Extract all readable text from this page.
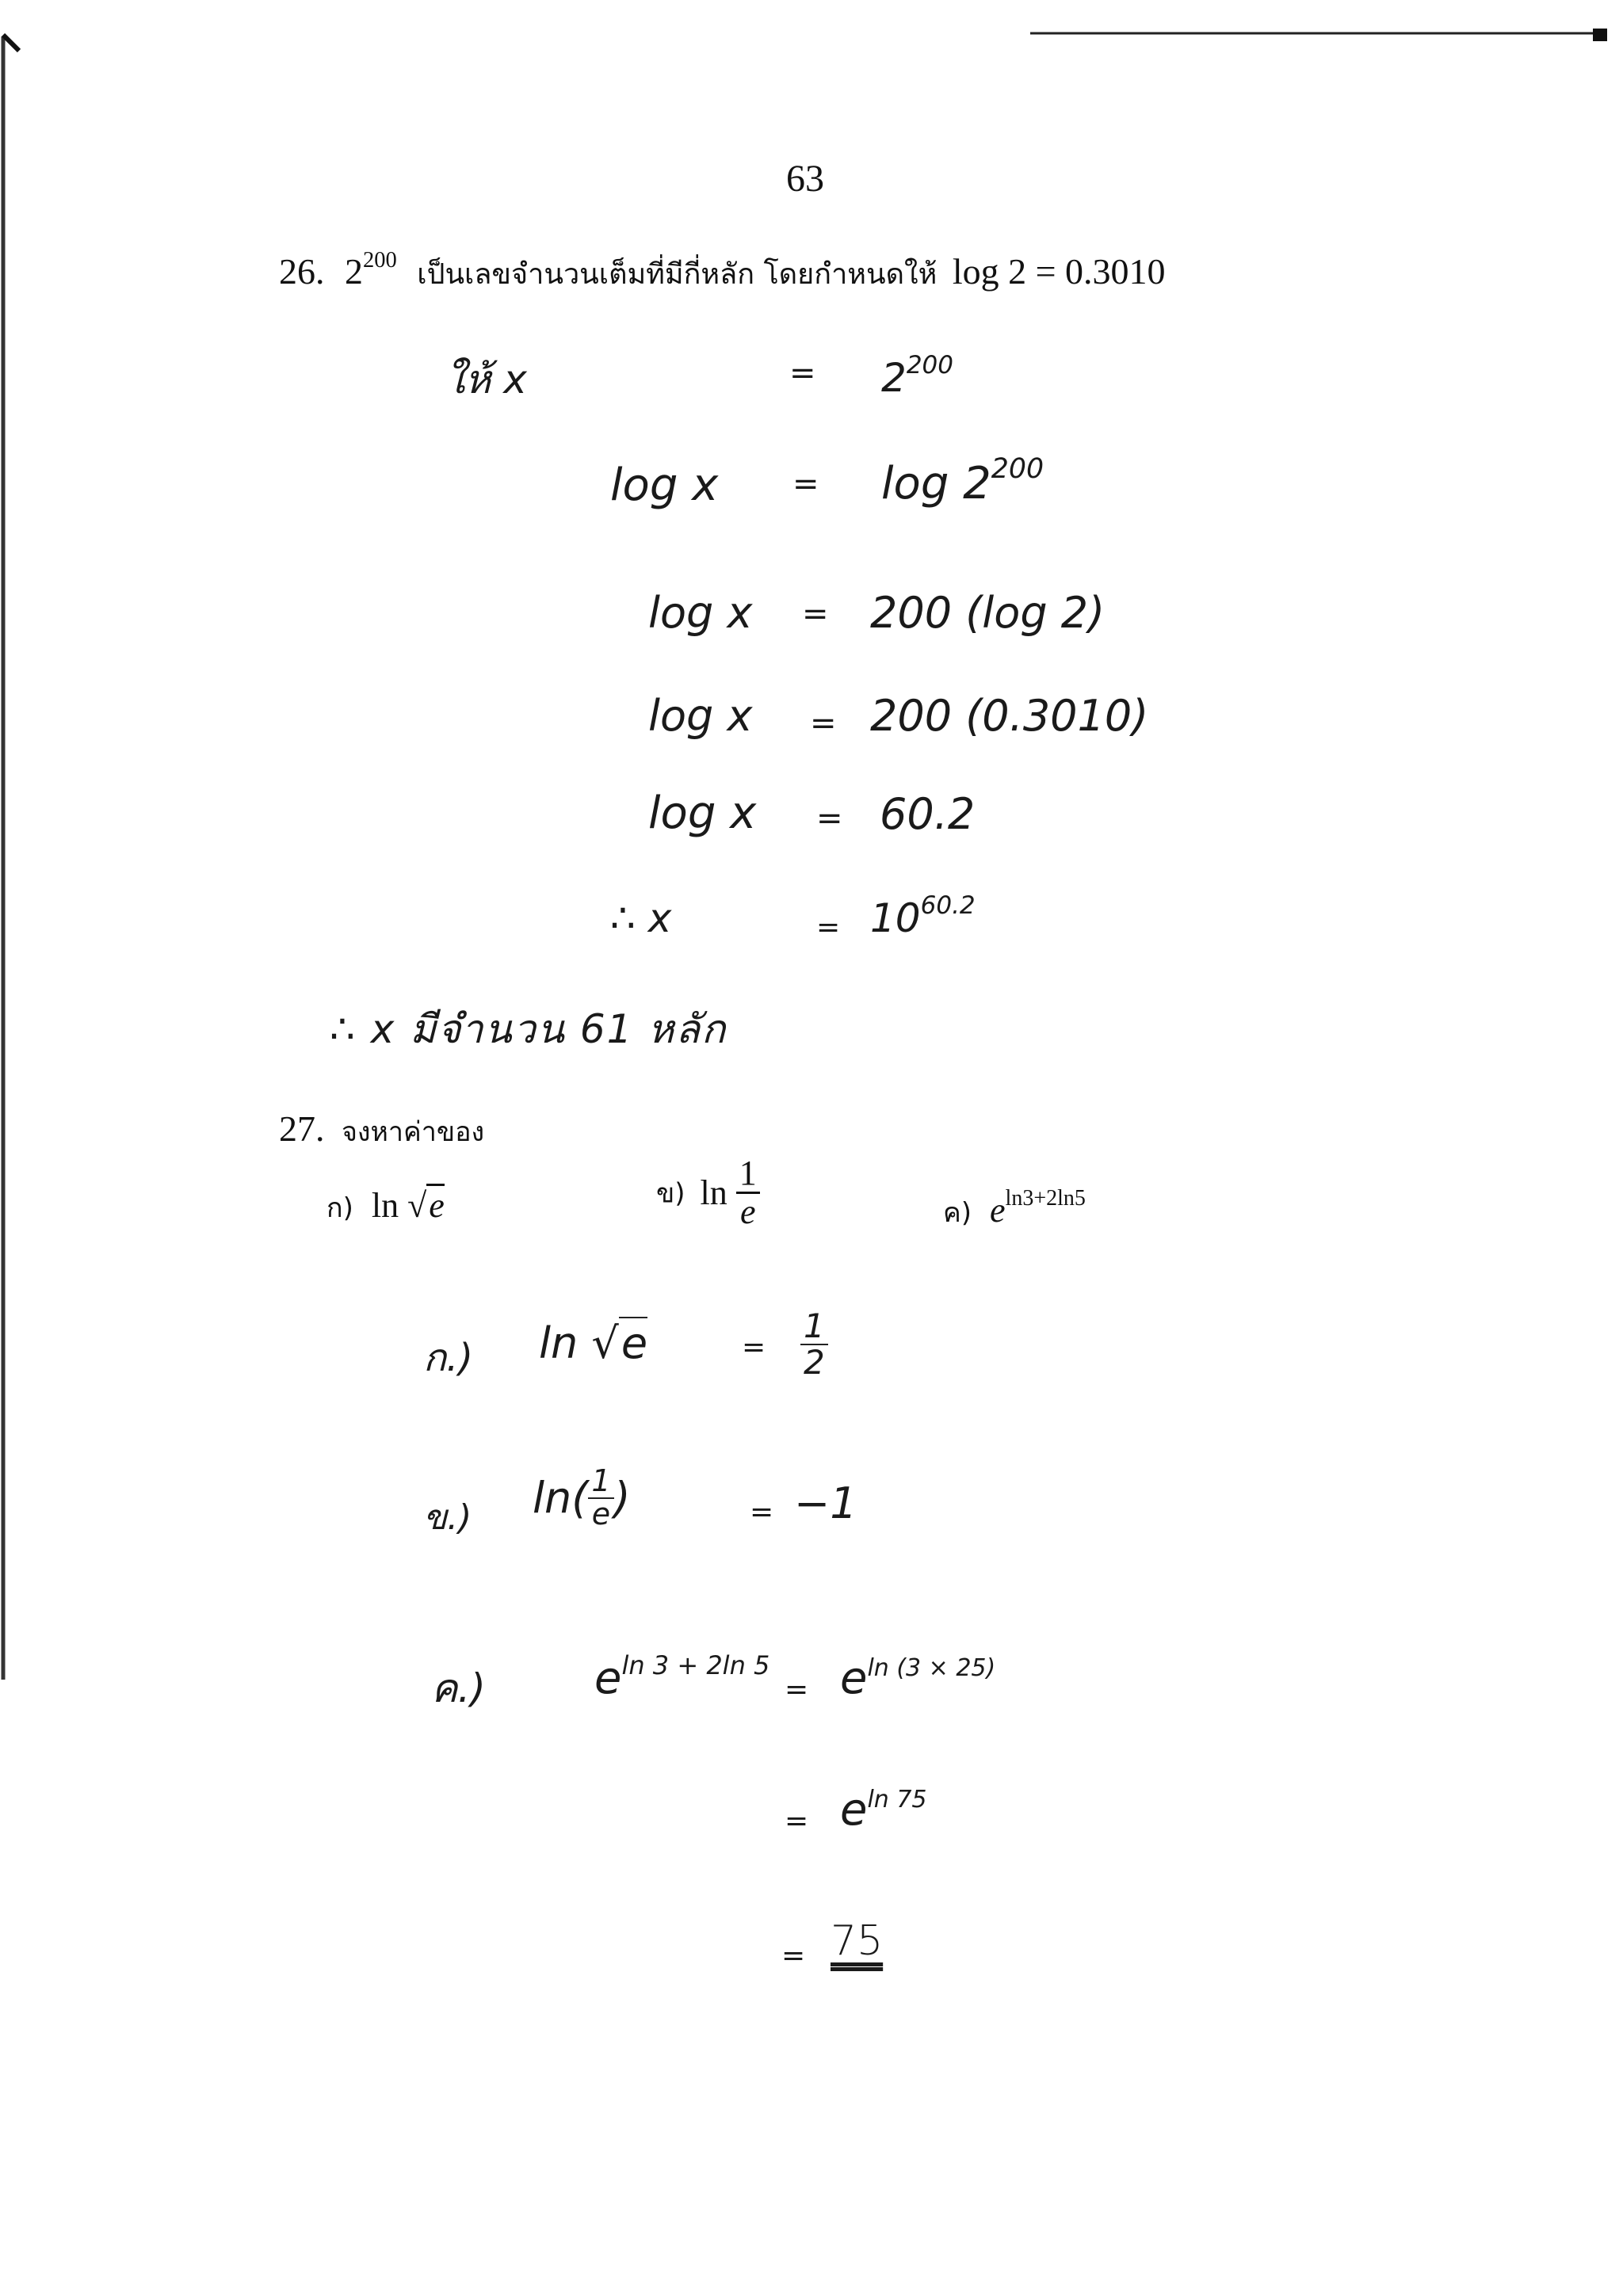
63
26. $2^{200}$ เป็นเลขจำนวนเต็มที่มีกี่หลัก โดยกำหนดให้ log 2 = 0.3010
ให้ x	= $2^{200}$
$\log x = \log 2^{200}$
log x = 200 (log 2)
log x = 200 (0.3010)
log x = 60.2
∴ x	= $10^{60.2}$
∴ x มีจำนวน 61 หลัก
27. จงหาค่าของ
ก) ln √e	ข) $\ln \frac{1}{e}$	ค) $e^{ln3+2ln5}$
ก.) ln √e	= $\frac{1}{2}$
ข.) $\ln( \frac{1}{e}$ )	= −1
ค.) $e^{ln 3 + 2ln 5}$
= $e^{ln (3 \times 25)}$
= $e^{ln 75}$
= 75
